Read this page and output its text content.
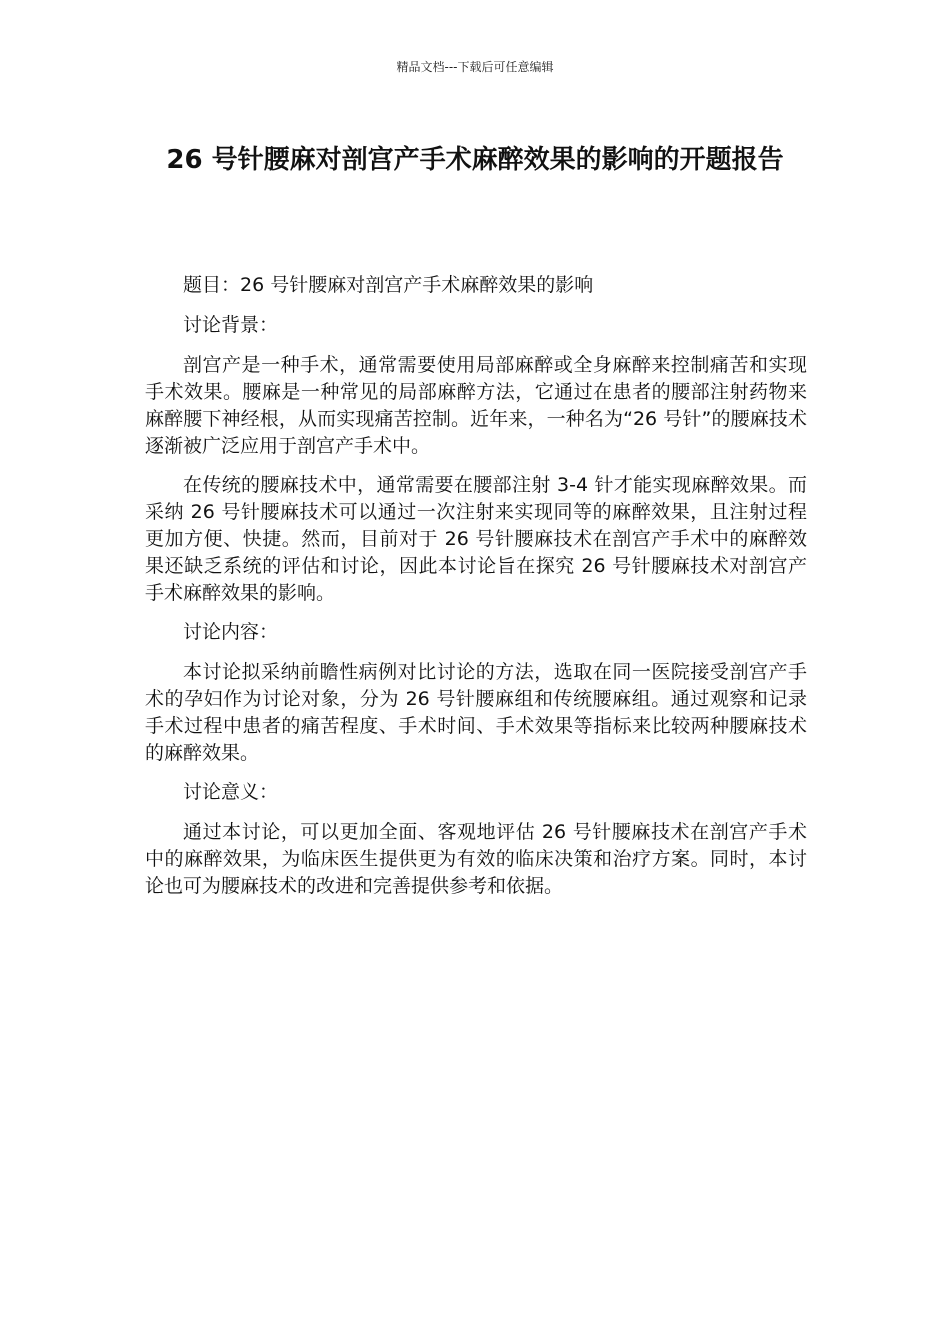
精品文档---下载后可任意编辑
26 号针腰麻对剖宫产手术麻醉效果的影响的开题报告

题目：26 号针腰麻对剖宫产手术麻醉效果的影响

讨论背景：

剖宫产是一种手术，通常需要使用局部麻醉或全身麻醉来控制痛苦和实现手术效果。腰麻是一种常见的局部麻醉方法，它通过在患者的腰部注射药物来麻醉腰下神经根，从而实现痛苦控制。近年来，一种名为“26 号针”的腰麻技术逐渐被广泛应用于剖宫产手术中。

在传统的腰麻技术中，通常需要在腰部注射 3-4 针才能实现麻醉效果。而采纳 26 号针腰麻技术可以通过一次注射来实现同等的麻醉效果，且注射过程更加方便、快捷。然而，目前对于 26 号针腰麻技术在剖宫产手术中的麻醉效果还缺乏系统的评估和讨论，因此本讨论旨在探究 26 号针腰麻技术对剖宫产手术麻醉效果的影响。

讨论内容：

本讨论拟采纳前瞻性病例对比讨论的方法，选取在同一医院接受剖宫产手术的孕妇作为讨论对象，分为 26 号针腰麻组和传统腰麻组。通过观察和记录手术过程中患者的痛苦程度、手术时间、手术效果等指标来比较两种腰麻技术的麻醉效果。

讨论意义：

通过本讨论，可以更加全面、客观地评估 26 号针腰麻技术在剖宫产手术中的麻醉效果，为临床医生提供更为有效的临床决策和治疗方案。同时，本讨论也可为腰麻技术的改进和完善提供参考和依据。
